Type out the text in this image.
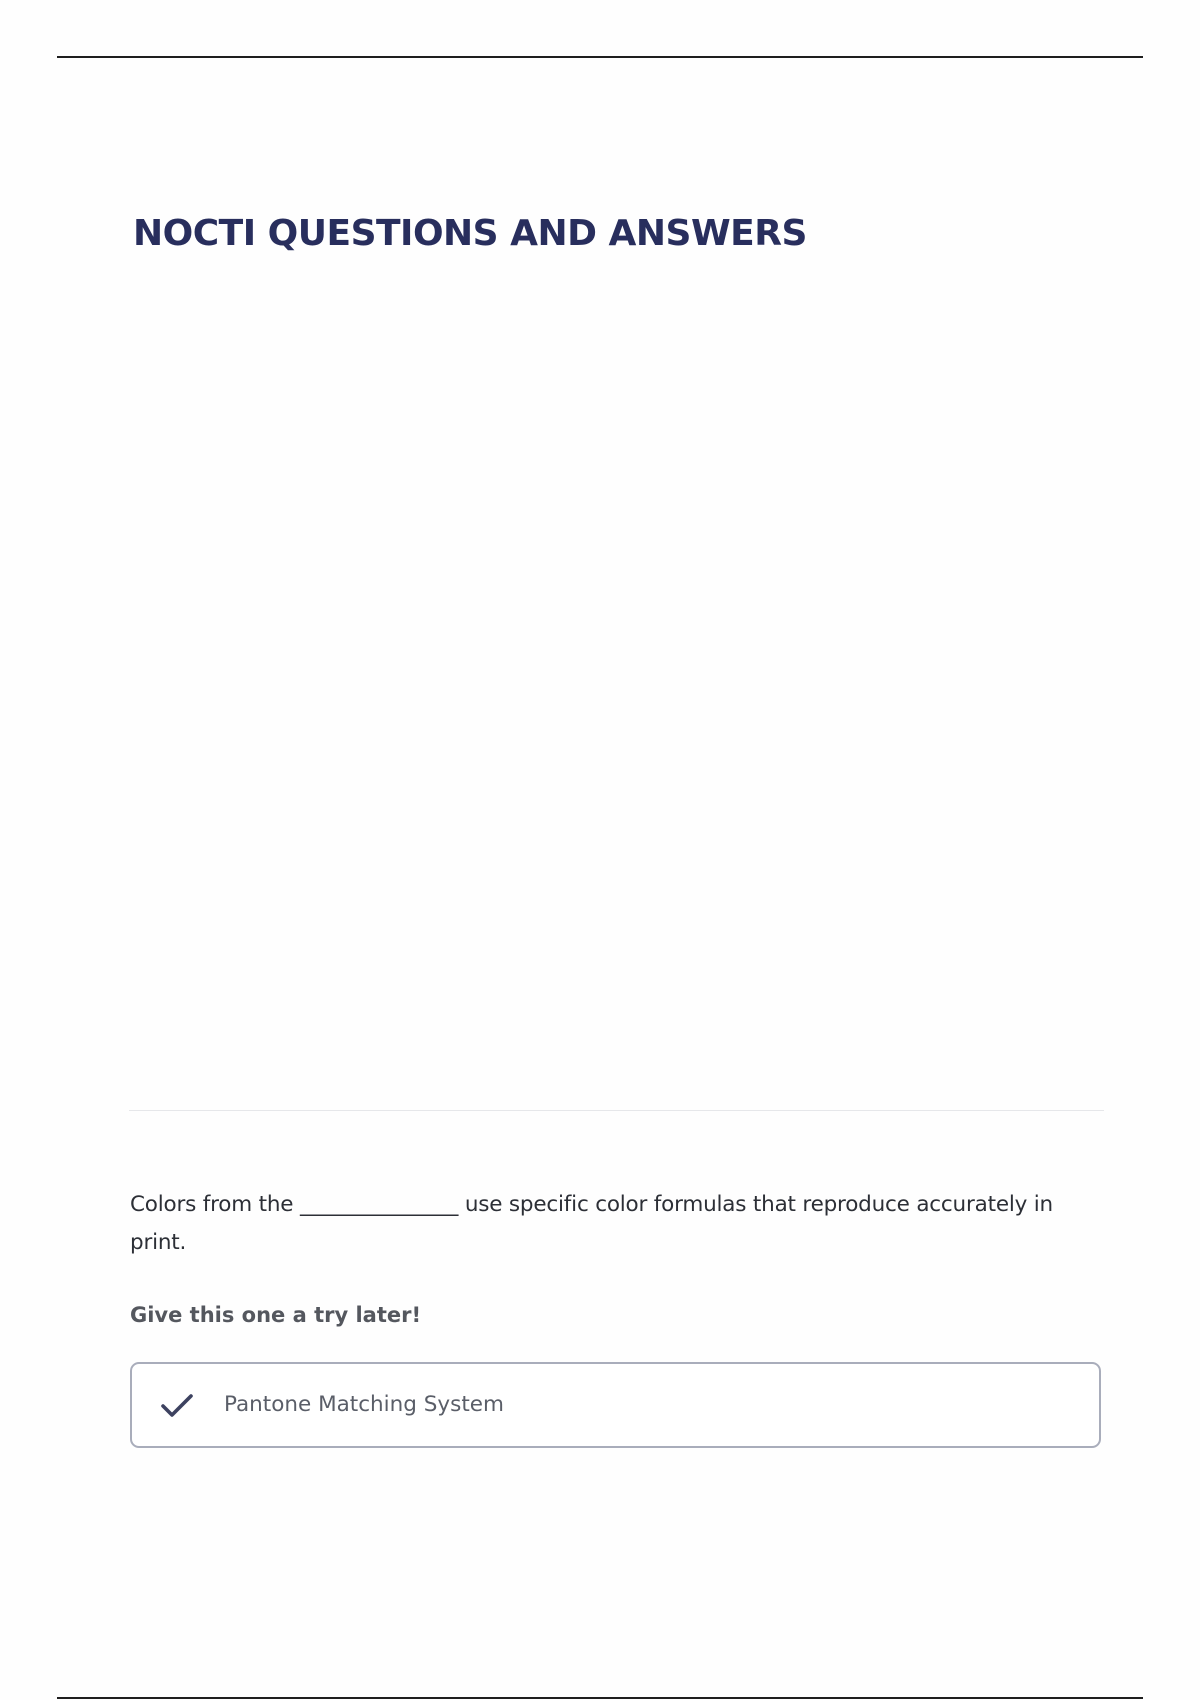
NOCTI QUESTIONS AND ANSWERS

Colors from the _______________ use specific color formulas that reproduce accurately in print.

Give this one a try later!

Pantone Matching System
